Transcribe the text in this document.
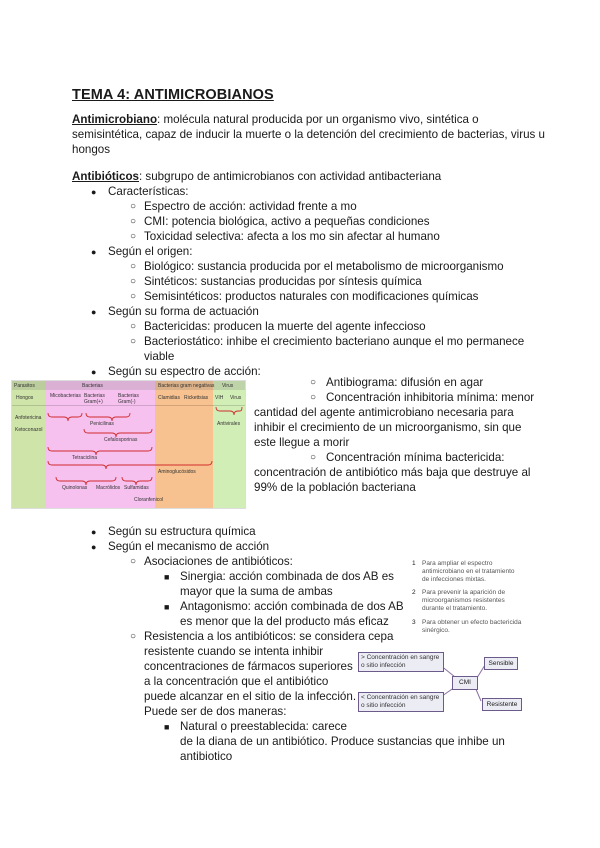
TEMA 4: ANTIMICROBIANOS
Antimicrobiano: molécula natural producida por un organismo vivo, sintética o
semisintética, capaz de inducir la muerte o la detención del crecimiento de bacterias, virus u
hongos
Antibióticos: subgrupo de antimicrobianos con actividad antibacteriana
● Características:
○ Espectro de acción: actividad frente a mo
○ CMI: potencia biológica, activo a pequeñas condiciones
○ Toxicidad selectiva: afecta a los mo sin afectar al humano
● Según el origen:
○ Biológico: sustancia producida por el metabolismo de microorganismo
○ Sintéticos: sustancias producidas por síntesis química
○ Semisintéticos: productos naturales con modificaciones químicas
● Según su forma de actuación
○ Bactericidas: producen la muerte del agente infeccioso
○ Bacteriostático: inhibe el crecimiento bacteriano aunque el mo permanece
viable
● Según su espectro de acción:
Parasitos	Bacterias	Bacterias gram negativas Virus
Hongos	Micobacterias Bacterias Gram(+)
Bacterias Gram(-)
Clamidias Rickettsias VIH Virus
Anfotericina
Ketoconazol
Penicilinas
Cefalosporinas
Tetraciclina
Aminoglucósidos
Quinolonas Macrólidos Sulfamidas
Cloranfenicol
Antivirales
○ Antibiograma: difusión en agar
○ Concentración inhibitoria mínima: menor
cantidad del agente antimicrobiano necesaria para
inhibir el crecimiento de un microorganismo, sin que
este llegue a morir
○ Concentración mínima bactericida:
concentración de antibiótico más baja que destruye al
99% de la población bacteriana
● Según su estructura química
● Según el mecanismo de acción
○ Asociaciones de antibióticos:
■ Sinergia: acción combinada de dos AB es
mayor que la suma de ambas
■ Antagonismo: acción combinada de dos AB
es menor que la del producto más eficaz
○ Resistencia a los antibióticos: se considera cepa
resistente cuando se intenta inhibir
concentraciones de fármacos superiores
a la concentración que el antibiótico
puede alcanzar en el sitio de la infección.
Puede ser de dos maneras:
■ Natural o preestablecida: carece
de la diana de un antibiótico. Produce sustancias que inhibe un
antibiotico
1 Para ampliar el espectro antimicrobiano en el tratamiento de infecciones mixtas.
2 Para prevenir la aparición de microorganismos resistentes durante el tratamiento.
3 Para obtener un efecto bactericida sinérgico.
> Concentración en sangre o sitio infección
< Concentración en sangre o sitio infección
CMI
Sensible
Resistente
